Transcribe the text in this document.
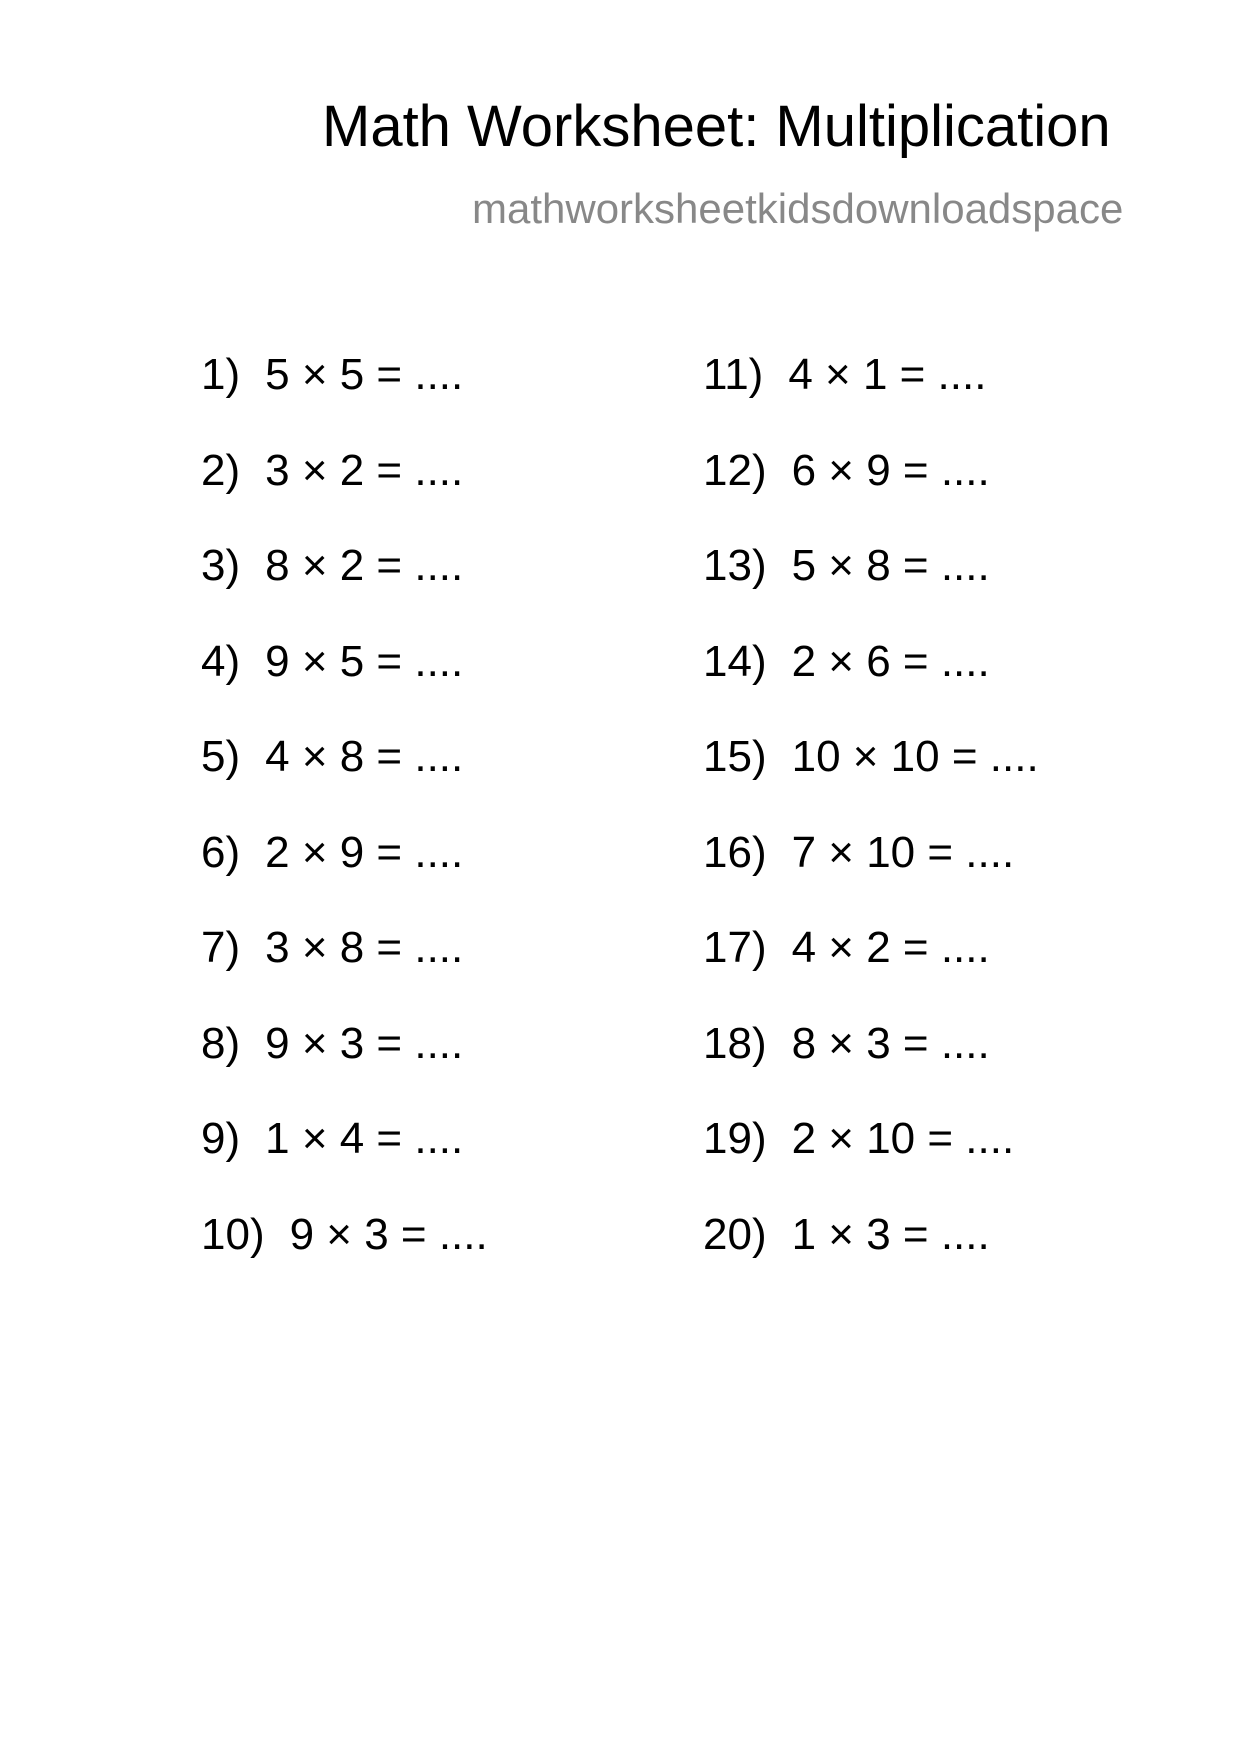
Math Worksheet: Multiplication
mathworksheetkidsdownloadspace
1) 5 × 5 = ....
2) 3 × 2 = ....
3) 8 × 2 = ....
4) 9 × 5 = ....
5) 4 × 8 = ....
6) 2 × 9 = ....
7) 3 × 8 = ....
8) 9 × 3 = ....
9) 1 × 4 = ....
10) 9 × 3 = ....
11) 4 × 1 = ....
12) 6 × 9 = ....
13) 5 × 8 = ....
14) 2 × 6 = ....
15) 10 × 10 = ....
16) 7 × 10 = ....
17) 4 × 2 = ....
18) 8 × 3 = ....
19) 2 × 10 = ....
20) 1 × 3 = ....
